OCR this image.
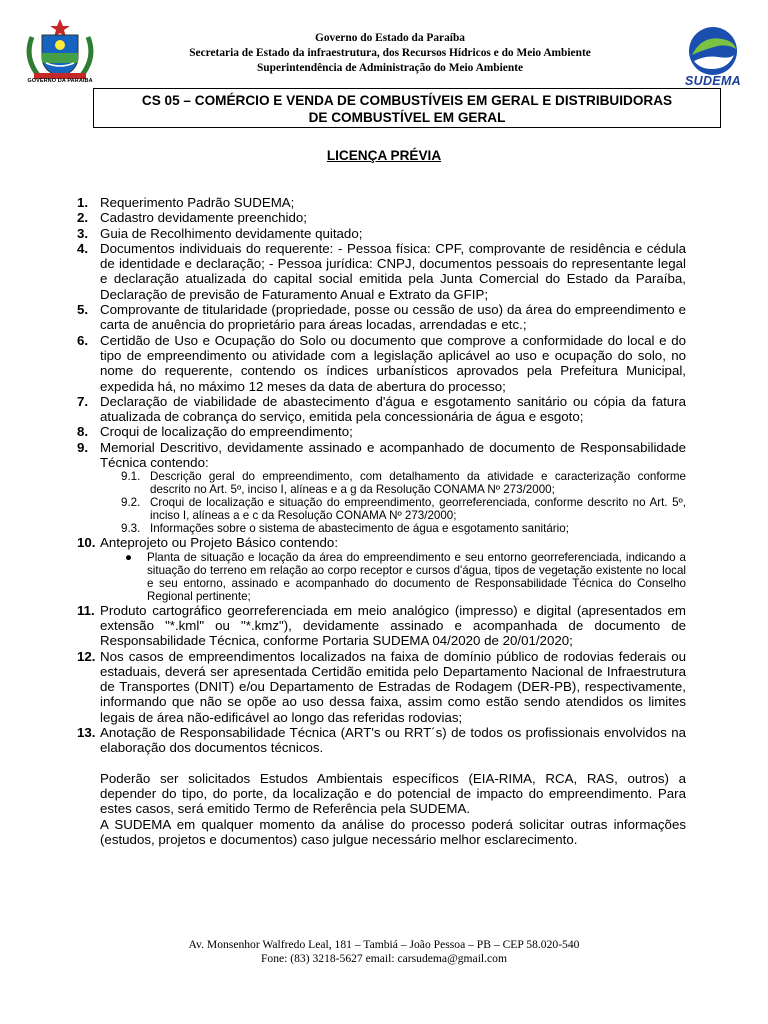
GOVERNO DA PARAÍBA
Governo do Estado da Paraíba
Secretaria de Estado da infraestrutura, dos Recursos Hídricos e do Meio Ambiente
Superintendência de Administração do Meio Ambiente
SUDEMA
CS 05 – COMÉRCIO E VENDA DE COMBUSTÍVEIS EM GERAL E DISTRIBUIDORAS
DE COMBUSTÍVEL EM GERAL
LICENÇA PRÉVIA
1. Requerimento Padrão SUDEMA;
2. Cadastro devidamente preenchido;
3. Guia de Recolhimento devidamente quitado;
4. Documentos individuais do requerente: - Pessoa física: CPF, comprovante de residência e cédula de identidade e declaração; - Pessoa jurídica: CNPJ, documentos pessoais do representante legal e declaração atualizada do capital social emitida pela Junta Comercial do Estado da Paraíba, Declaração de previsão de Faturamento Anual e Extrato da GFIP;
5. Comprovante de titularidade (propriedade, posse ou cessão de uso) da área do empreendimento e carta de anuência do proprietário para áreas locadas, arrendadas e etc.;
6. Certidão de Uso e Ocupação do Solo ou documento que comprove a conformidade do local e do tipo de empreendimento ou atividade com a legislação aplicável ao uso e ocupação do solo, no nome do requerente, contendo os índices urbanísticos aprovados pela Prefeitura Municipal, expedida há, no máximo 12 meses da data de abertura do processo;
7. Declaração de viabilidade de abastecimento d'água e esgotamento sanitário ou cópia da fatura atualizada de cobrança do serviço, emitida pela concessionária de água e esgoto;
8. Croqui de localização do empreendimento;
9. Memorial Descritivo, devidamente assinado e acompanhado de documento de Responsabilidade Técnica contendo:
9.1. Descrição geral do empreendimento, com detalhamento da atividade e caracterização conforme descrito no Art. 5º, inciso I, alíneas e a g da Resolução CONAMA Nº 273/2000;
9.2. Croqui de localização e situação do empreendimento, georreferenciada, conforme descrito no Art. 5º, inciso I, alíneas a e c da Resolução CONAMA Nº 273/2000;
9.3. Informações sobre o sistema de abastecimento de água e esgotamento sanitário;
10. Anteprojeto ou Projeto Básico contendo:
●	Planta de situação e locação da área do empreendimento e seu entorno georreferenciada, indicando a situação do terreno em relação ao corpo receptor e cursos d'água, tipos de vegetação existente no local e seu entorno, assinado e acompanhado do documento de Responsabilidade Técnica do Conselho Regional pertinente;
11. Produto cartográfico georreferenciada em meio analógico (impresso) e digital (apresentados em extensão "*.kml" ou "*.kmz"), devidamente assinado e acompanhada de documento de Responsabilidade Técnica, conforme Portaria SUDEMA 04/2020 de 20/01/2020;
12. Nos casos de empreendimentos localizados na faixa de domínio público de rodovias federais ou estaduais, deverá ser apresentada Certidão emitida pelo Departamento Nacional de Infraestrutura de Transportes (DNIT) e/ou Departamento de Estradas de Rodagem (DER-PB), respectivamente, informando que não se opõe ao uso dessa faixa, assim como estão sendo atendidos os limites legais de área não-edificável ao longo das referidas rodovias;
13. Anotação de Responsabilidade Técnica (ART's ou RRT´s) de todos os profissionais envolvidos na elaboração dos documentos técnicos.
Poderão ser solicitados Estudos Ambientais específicos (EIA-RIMA, RCA, RAS, outros) a depender do tipo, do porte, da localização e do potencial de impacto do empreendimento. Para estes casos, será emitido Termo de Referência pela SUDEMA.
A SUDEMA em qualquer momento da análise do processo poderá solicitar outras informações (estudos, projetos e documentos) caso julgue necessário melhor esclarecimento.
Av. Monsenhor Walfredo Leal, 181 – Tambiá – João Pessoa – PB – CEP 58.020-540
Fone: (83) 3218-5627 email: carsudema@gmail.com
